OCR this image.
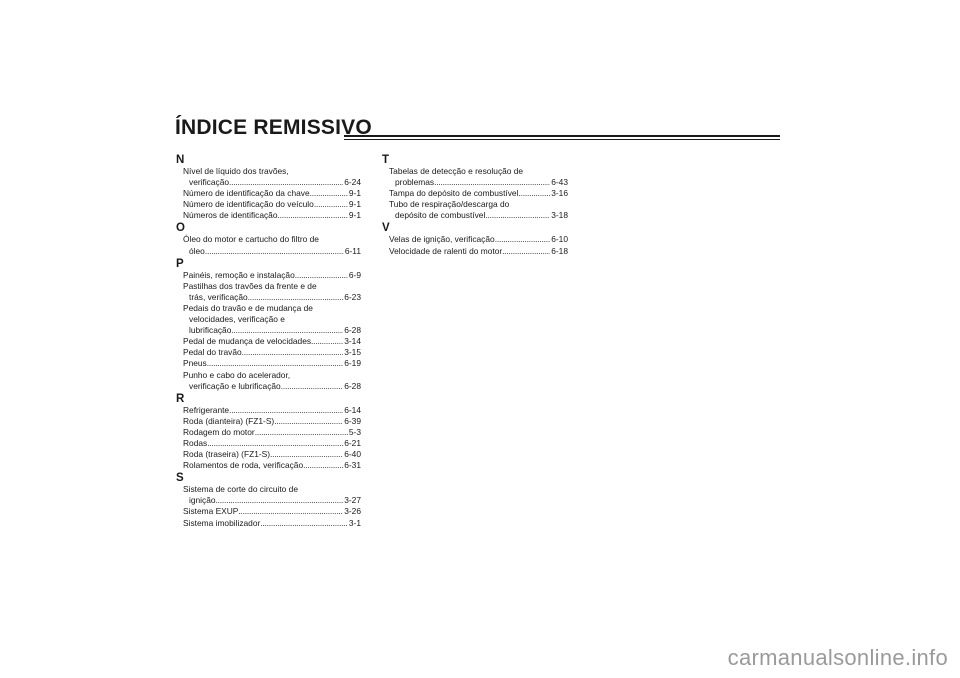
ÍNDICE REMISSIVO
N
Nível de líquido dos travões,
verificação .....	6-24
Número de identificação da chave .....	9-1
Número de identificação do veículo .....	9-1
Números de identificação .....	9-1
O
Óleo do motor e cartucho do filtro de
óleo .....	6-11
P
Painéis, remoção e instalação .....	6-9
Pastilhas dos travões da frente e de
trás, verificação .....	6-23
Pedais do travão e de mudança de
velocidades, verificação e
lubrificação .....	6-28
Pedal de mudança de velocidades .....	3-14
Pedal do travão .....	3-15
Pneus .....	6-19
Punho e cabo do acelerador,
verificação e lubrificação .....	6-28
R
Refrigerante .....	6-14
Roda (dianteira) (FZ1-S) .....	6-39
Rodagem do motor .....	5-3
Rodas .....	6-21
Roda (traseira) (FZ1-S) .....	6-40
Rolamentos de roda, verificação .....	6-31
S
Sistema de corte do circuito de
ignição .....	3-27
Sistema EXUP .....	3-26
Sistema imobilizador .....	3-1
T
Tabelas de detecção e resolução de
problemas .....	6-43
Tampa do depósito de combustível .....	3-16
Tubo de respiração/descarga do
depósito de combustível .....	3-18
V
Velas de ignição, verificação .....	6-10
Velocidade de ralenti do motor .....	6-18
carmanualsonline.info
